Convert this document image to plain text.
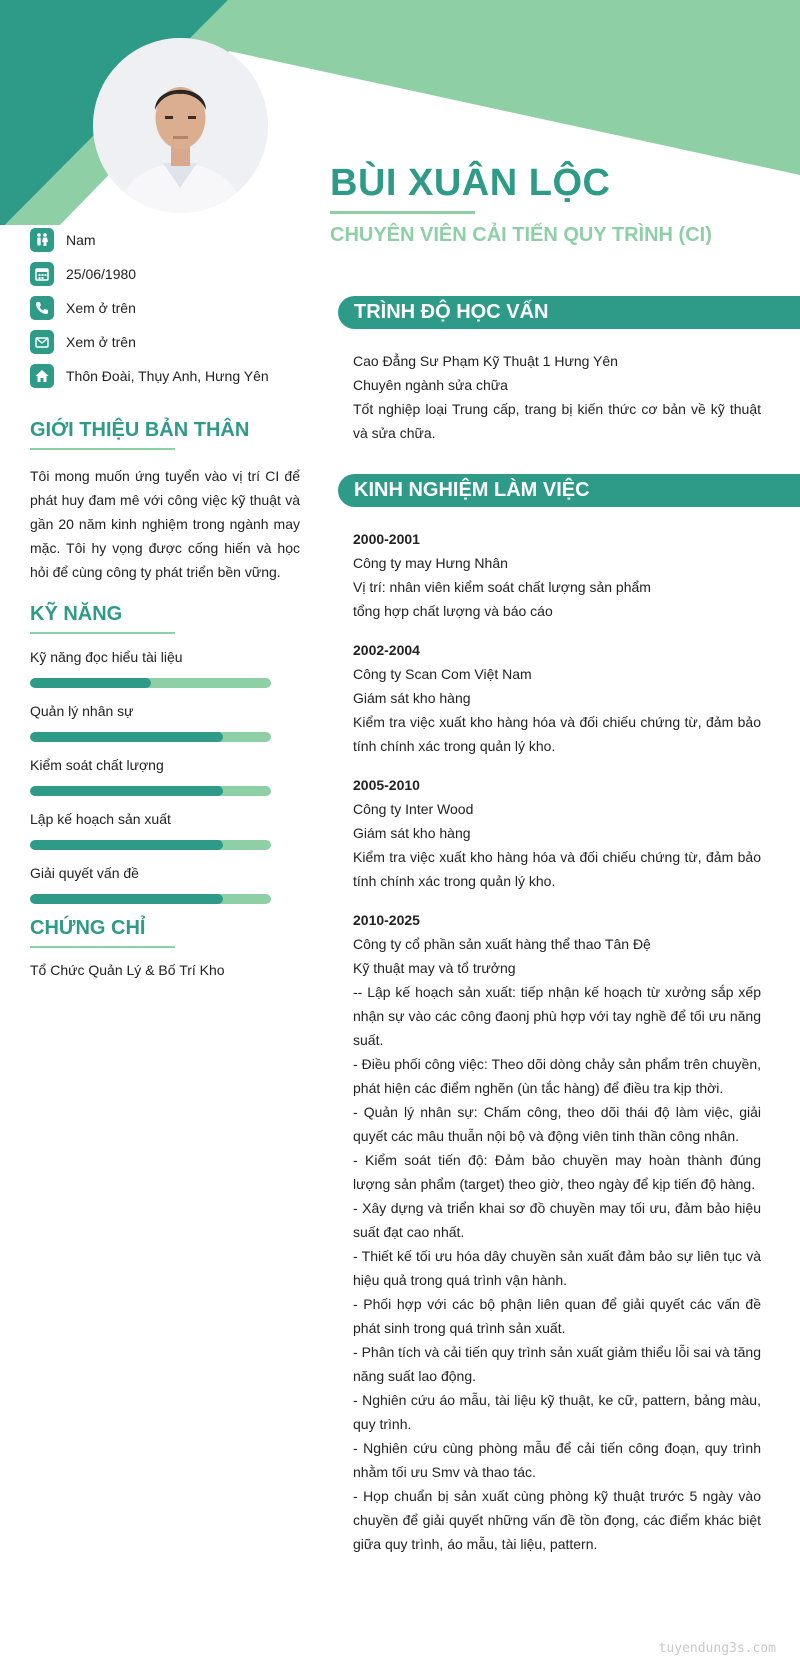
BÙI XUÂN LỘC
CHUYÊN VIÊN CẢI TIẾN QUY TRÌNH (CI)
Nam
25/06/1980
Xem ở trên
Xem ở trên
Thôn Đoài, Thụy Anh, Hưng Yên
GIỚI THIỆU BẢN THÂN

Tôi mong muốn ứng tuyển vào vị trí CI để phát huy đam mê với công việc kỹ thuật và gần 20 năm kinh nghiệm trong ngành may mặc. Tôi hy vọng được cống hiến và học hỏi để cùng công ty phát triển bền vững.

KỸ NĂNG
Kỹ năng đọc hiểu tài liệu
Quản lý nhân sự
Kiểm soát chất lượng
Lập kế hoạch sản xuất
Giải quyết vấn đề
CHỨNG CHỈ
Tổ Chức Quản Lý & Bố Trí Kho
TRÌNH ĐỘ HỌC VẤN
Cao Đẳng Sư Phạm Kỹ Thuật 1 Hưng Yên
Chuyên ngành sửa chữa
Tốt nghiệp loại Trung cấp, trang bị kiến thức cơ bản về kỹ thuật và sửa chữa.
KINH NGHIỆM LÀM VIỆC
2000-2001
Công ty may Hưng Nhân
Vị trí: nhân viên kiểm soát chất lượng sản phẩm
tổng hợp chất lượng và báo cáo
2002-2004
Công ty Scan Com Việt Nam
Giám sát kho hàng
Kiểm tra việc xuất kho hàng hóa và đối chiếu chứng từ, đảm bảo tính chính xác trong quản lý kho.
2005-2010
Công ty Inter Wood
Giám sát kho hàng
Kiểm tra việc xuất kho hàng hóa và đối chiếu chứng từ, đảm bảo tính chính xác trong quản lý kho.
2010-2025
Công ty cổ phần sản xuất hàng thể thao Tân Đệ
Kỹ thuật may và tổ trưởng
-- Lập kế hoạch sản xuất: tiếp nhận kế hoạch từ xưởng sắp xếp nhận sự vào các công đaonj phù hợp với tay nghề để tối ưu năng suất.
- Điều phối công việc: Theo dõi dòng chảy sản phẩm trên chuyền, phát hiện các điểm nghẽn (ùn tắc hàng) để điều tra kịp thời.
- Quản lý nhân sự: Chấm công, theo dõi thái độ làm việc, giải quyết các mâu thuẫn nội bộ và động viên tinh thần công nhân.
- Kiểm soát tiến độ: Đảm bảo chuyền may hoàn thành đúng lượng sản phẩm (target) theo giờ, theo ngày để kịp tiến độ hàng.
- Xây dựng và triển khai sơ đồ chuyền may tối ưu, đảm bảo hiệu suất đạt cao nhất.
- Thiết kế tối ưu hóa dây chuyền sản xuất đảm bảo sự liên tục và hiệu quả trong quá trình vận hành.
- Phối hợp với các bộ phận liên quan để giải quyết các vấn đề phát sinh trong quá trình sản xuất.
- Phân tích và cải tiến quy trình sản xuất giảm thiểu lỗi sai và tăng năng suất lao động.
- Nghiên cứu áo mẫu, tài liệu kỹ thuật, ke cữ, pattern, bảng màu, quy trình.
- Nghiên cứu cùng phòng mẫu để cải tiến công đoạn, quy trình nhằm tối ưu Smv và thao tác.
- Họp chuẩn bị sản xuất cùng phòng kỹ thuật trước 5 ngày vào chuyền để giải quyết những vấn đề tồn đọng, các điểm khác biệt giữa quy trình, áo mẫu, tài liệu, pattern.
tuyendung3s.com
